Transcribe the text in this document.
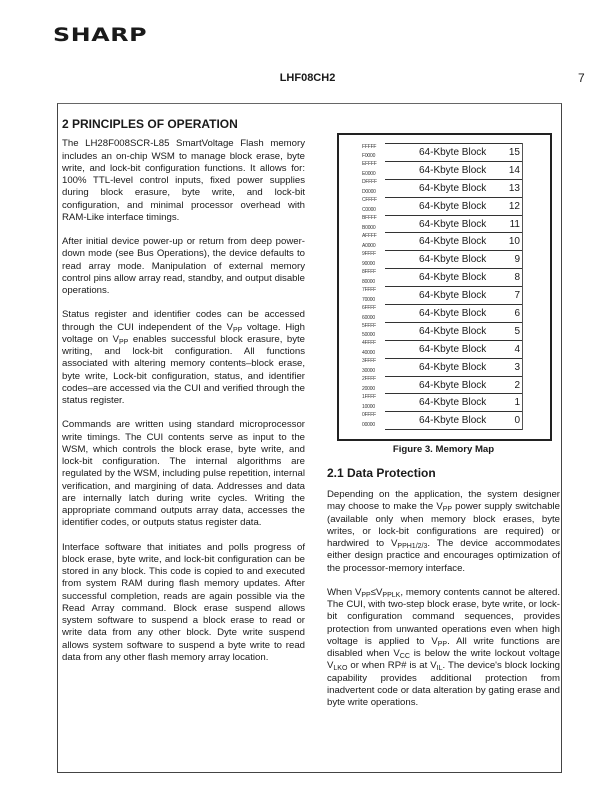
SHARP
LHF08CH2	7
2 PRINCIPLES OF OPERATION

The LH28F008SCR-L85 SmartVoltage Flash memory includes an on-chip WSM to manage block erase, byte write, and lock-bit configuration functions. It allows for: 100% TTL-level control inputs, fixed power supplies during block erasure, byte write, and lock-bit configuration, and minimal processor overhead with RAM-Like interface timings.

After initial device power-up or return from deep power-down mode (see Bus Operations), the device defaults to read array mode. Manipulation of external memory control pins allow array read, standby, and output disable operations.

Status register and identifier codes can be accessed through the CUI independent of the $V_{PP}$ voltage. High voltage on $V_{PP}$ enables successful block erasure, byte writing, and lock-bit configuration. All functions associated with altering memory contents–block erase, byte write, Lock-bit configuration, status, and identifier codes–are accessed via the CUI and verified through the status register.

Commands are written using standard microprocessor write timings. The CUI contents serve as input to the WSM, which controls the block erase, byte write, and lock-bit configuration. The internal algorithms are regulated by the WSM, including pulse repetition, internal verification, and margining of data. Addresses and data are internally latch during write cycles. Writing the appropriate command outputs array data, accesses the identifier codes, or outputs status register data.

Interface software that initiates and polls progress of block erase, byte write, and lock-bit configuration can be stored in any block. This code is copied to and executed from system RAM during flash memory updates. After successful completion, reads are again possible via the Read Array command. Block erase suspend allows system software to suspend a block erase to read or write data from any other block. Dyte write suspend allows system software to suspend a byte write to read data from any other flash memory array location.

64-Kbyte Block 15
64-Kbyte Block 14
64-Kbyte Block 13
64-Kbyte Block 12
64-Kbyte Block 11
64-Kbyte Block 10
64-Kbyte Block	9
64-Kbyte Block	8
64-Kbyte Block	7
64-Kbyte Block	6
64-Kbyte Block	5
64-Kbyte Block	4
64-Kbyte Block	3
64-Kbyte Block	2
64-Kbyte Block	1
64-Kbyte Block	0
FFFFF
F0000
EFFFF
E0000
DFFFF
D0000
CFFFF
C0000
BFFFF
B0000
AFFFF
A0000
9FFFF
90000
8FFFF
80000
7FFFF
70000
6FFFF
60000
5FFFF
50000
4FFFF
40000
3FFFF
30000
2FFFF
20000
1FFFF
10000
0FFFF
00000
Figure 3. Memory Map
2.1 Data Protection

Depending on the application, the system designer may choose to make the $V_{PP}$ power supply switchable (available only when memory block erases, byte writes, or lock-bit configurations are required) or hardwired to $V_{PPH1/2/3}$. The device accommodates either design practice and encourages optimization of the processor-memory interface.

When $V_{PP}\le V_{PPLK}$, memory contents cannot be altered. The CUI, with two-step block erase, byte write, or lock-bit configuration command sequences, provides protection from unwanted operations even when high voltage is applied to $V_{PP}$. All write functions are disabled when $V_{CC}$ is below the write lockout voltage $V_{LKO}$ or when RP# is at $V_{IL}$. The device's block locking capability provides additional protection from inadvertent code or data alteration by gating erase and byte write operations.
